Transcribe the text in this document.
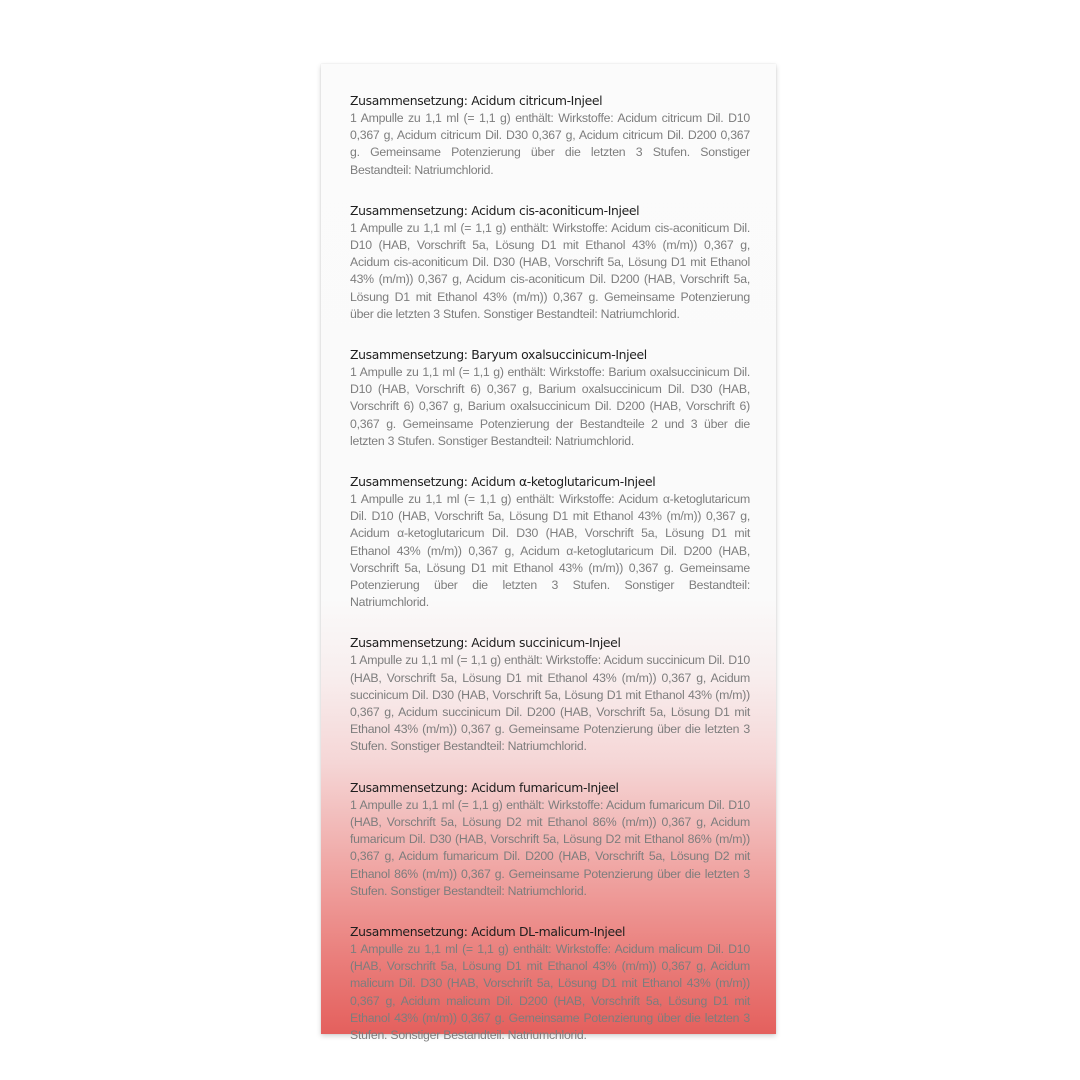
Zusammensetzung: Acidum citricum-Injeel

1 Ampulle zu 1,1 ml (= 1,1 g) enthält: Wirkstoffe: Acidum citricum Dil. D10 0,367 g, Acidum citricum Dil. D30 0,367 g, Acidum citricum Dil. D200 0,367 g. Gemeinsame Potenzierung über die letzten 3 Stufen. Sonstiger Bestandteil: Natriumchlorid.

Zusammensetzung: Acidum cis-aconiticum-Injeel

1 Ampulle zu 1,1 ml (= 1,1 g) enthält: Wirkstoffe: Acidum cis-aconiticum Dil. D10 (HAB, Vorschrift 5a, Lösung D1 mit Ethanol 43% (m/m)) 0,367 g, Acidum cis-aconiticum Dil. D30 (HAB, Vorschrift 5a, Lösung D1 mit Ethanol 43% (m/m)) 0,367 g, Acidum cis-aconiticum Dil. D200 (HAB, Vorschrift 5a, Lösung D1 mit Ethanol 43% (m/m)) 0,367 g. Gemeinsame Potenzierung über die letzten 3 Stufen. Sonstiger Bestandteil: Natriumchlorid.

Zusammensetzung: Baryum oxalsuccinicum-Injeel

1 Ampulle zu 1,1 ml (= 1,1 g) enthält: Wirkstoffe: Barium oxalsuccinicum Dil. D10 (HAB, Vorschrift 6) 0,367 g, Barium oxalsuccinicum Dil. D30 (HAB, Vorschrift 6) 0,367 g, Barium oxalsuccinicum Dil. D200 (HAB, Vorschrift 6) 0,367 g. Gemeinsame Potenzierung der Bestandteile 2 und 3 über die letzten 3 Stufen. Sonstiger Bestandteil: Natriumchlorid.

Zusammensetzung: Acidum α-ketoglutaricum-Injeel

1 Ampulle zu 1,1 ml (= 1,1 g) enthält: Wirkstoffe: Acidum α-ketoglutaricum Dil. D10 (HAB, Vorschrift 5a, Lösung D1 mit Ethanol 43% (m/m)) 0,367 g, Acidum α-ketoglutaricum Dil. D30 (HAB, Vorschrift 5a, Lösung D1 mit Ethanol 43% (m/m)) 0,367 g, Acidum α-ketoglutaricum Dil. D200 (HAB, Vorschrift 5a, Lösung D1 mit Ethanol 43% (m/m)) 0,367 g. Gemeinsame Potenzierung über die letzten 3 Stufen. Sonstiger Bestandteil: Natriumchlorid.

Zusammensetzung: Acidum succinicum-Injeel

1 Ampulle zu 1,1 ml (= 1,1 g) enthält: Wirkstoffe: Acidum succinicum Dil. D10 (HAB, Vorschrift 5a, Lösung D1 mit Ethanol 43% (m/m)) 0,367 g, Acidum succinicum Dil. D30 (HAB, Vorschrift 5a, Lösung D1 mit Ethanol 43% (m/m)) 0,367 g, Acidum succinicum Dil. D200 (HAB, Vorschrift 5a, Lösung D1 mit Ethanol 43% (m/m)) 0,367 g. Gemeinsame Potenzierung über die letzten 3 Stufen. Sonstiger Bestandteil: Natriumchlorid.

Zusammensetzung: Acidum fumaricum-Injeel

1 Ampulle zu 1,1 ml (= 1,1 g) enthält: Wirkstoffe: Acidum fumaricum Dil. D10 (HAB, Vorschrift 5a, Lösung D2 mit Ethanol 86% (m/m)) 0,367 g, Acidum fumaricum Dil. D30 (HAB, Vorschrift 5a, Lösung D2 mit Ethanol 86% (m/m)) 0,367 g, Acidum fumaricum Dil. D200 (HAB, Vorschrift 5a, Lösung D2 mit Ethanol 86% (m/m)) 0,367 g. Gemeinsame Potenzierung über die letzten 3 Stufen. Sonstiger Bestandteil: Natriumchlorid.

Zusammensetzung: Acidum DL-malicum-Injeel

1 Ampulle zu 1,1 ml (= 1,1 g) enthält: Wirkstoffe: Acidum malicum Dil. D10 (HAB, Vorschrift 5a, Lösung D1 mit Ethanol 43% (m/m)) 0,367 g, Acidum malicum Dil. D30 (HAB, Vorschrift 5a, Lösung D1 mit Ethanol 43% (m/m)) 0,367 g, Acidum malicum Dil. D200 (HAB, Vorschrift 5a, Lösung D1 mit Ethanol 43% (m/m)) 0,367 g. Gemeinsame Potenzierung über die letzten 3 Stufen. Sonstiger Bestandteil: Natriumchlorid.
